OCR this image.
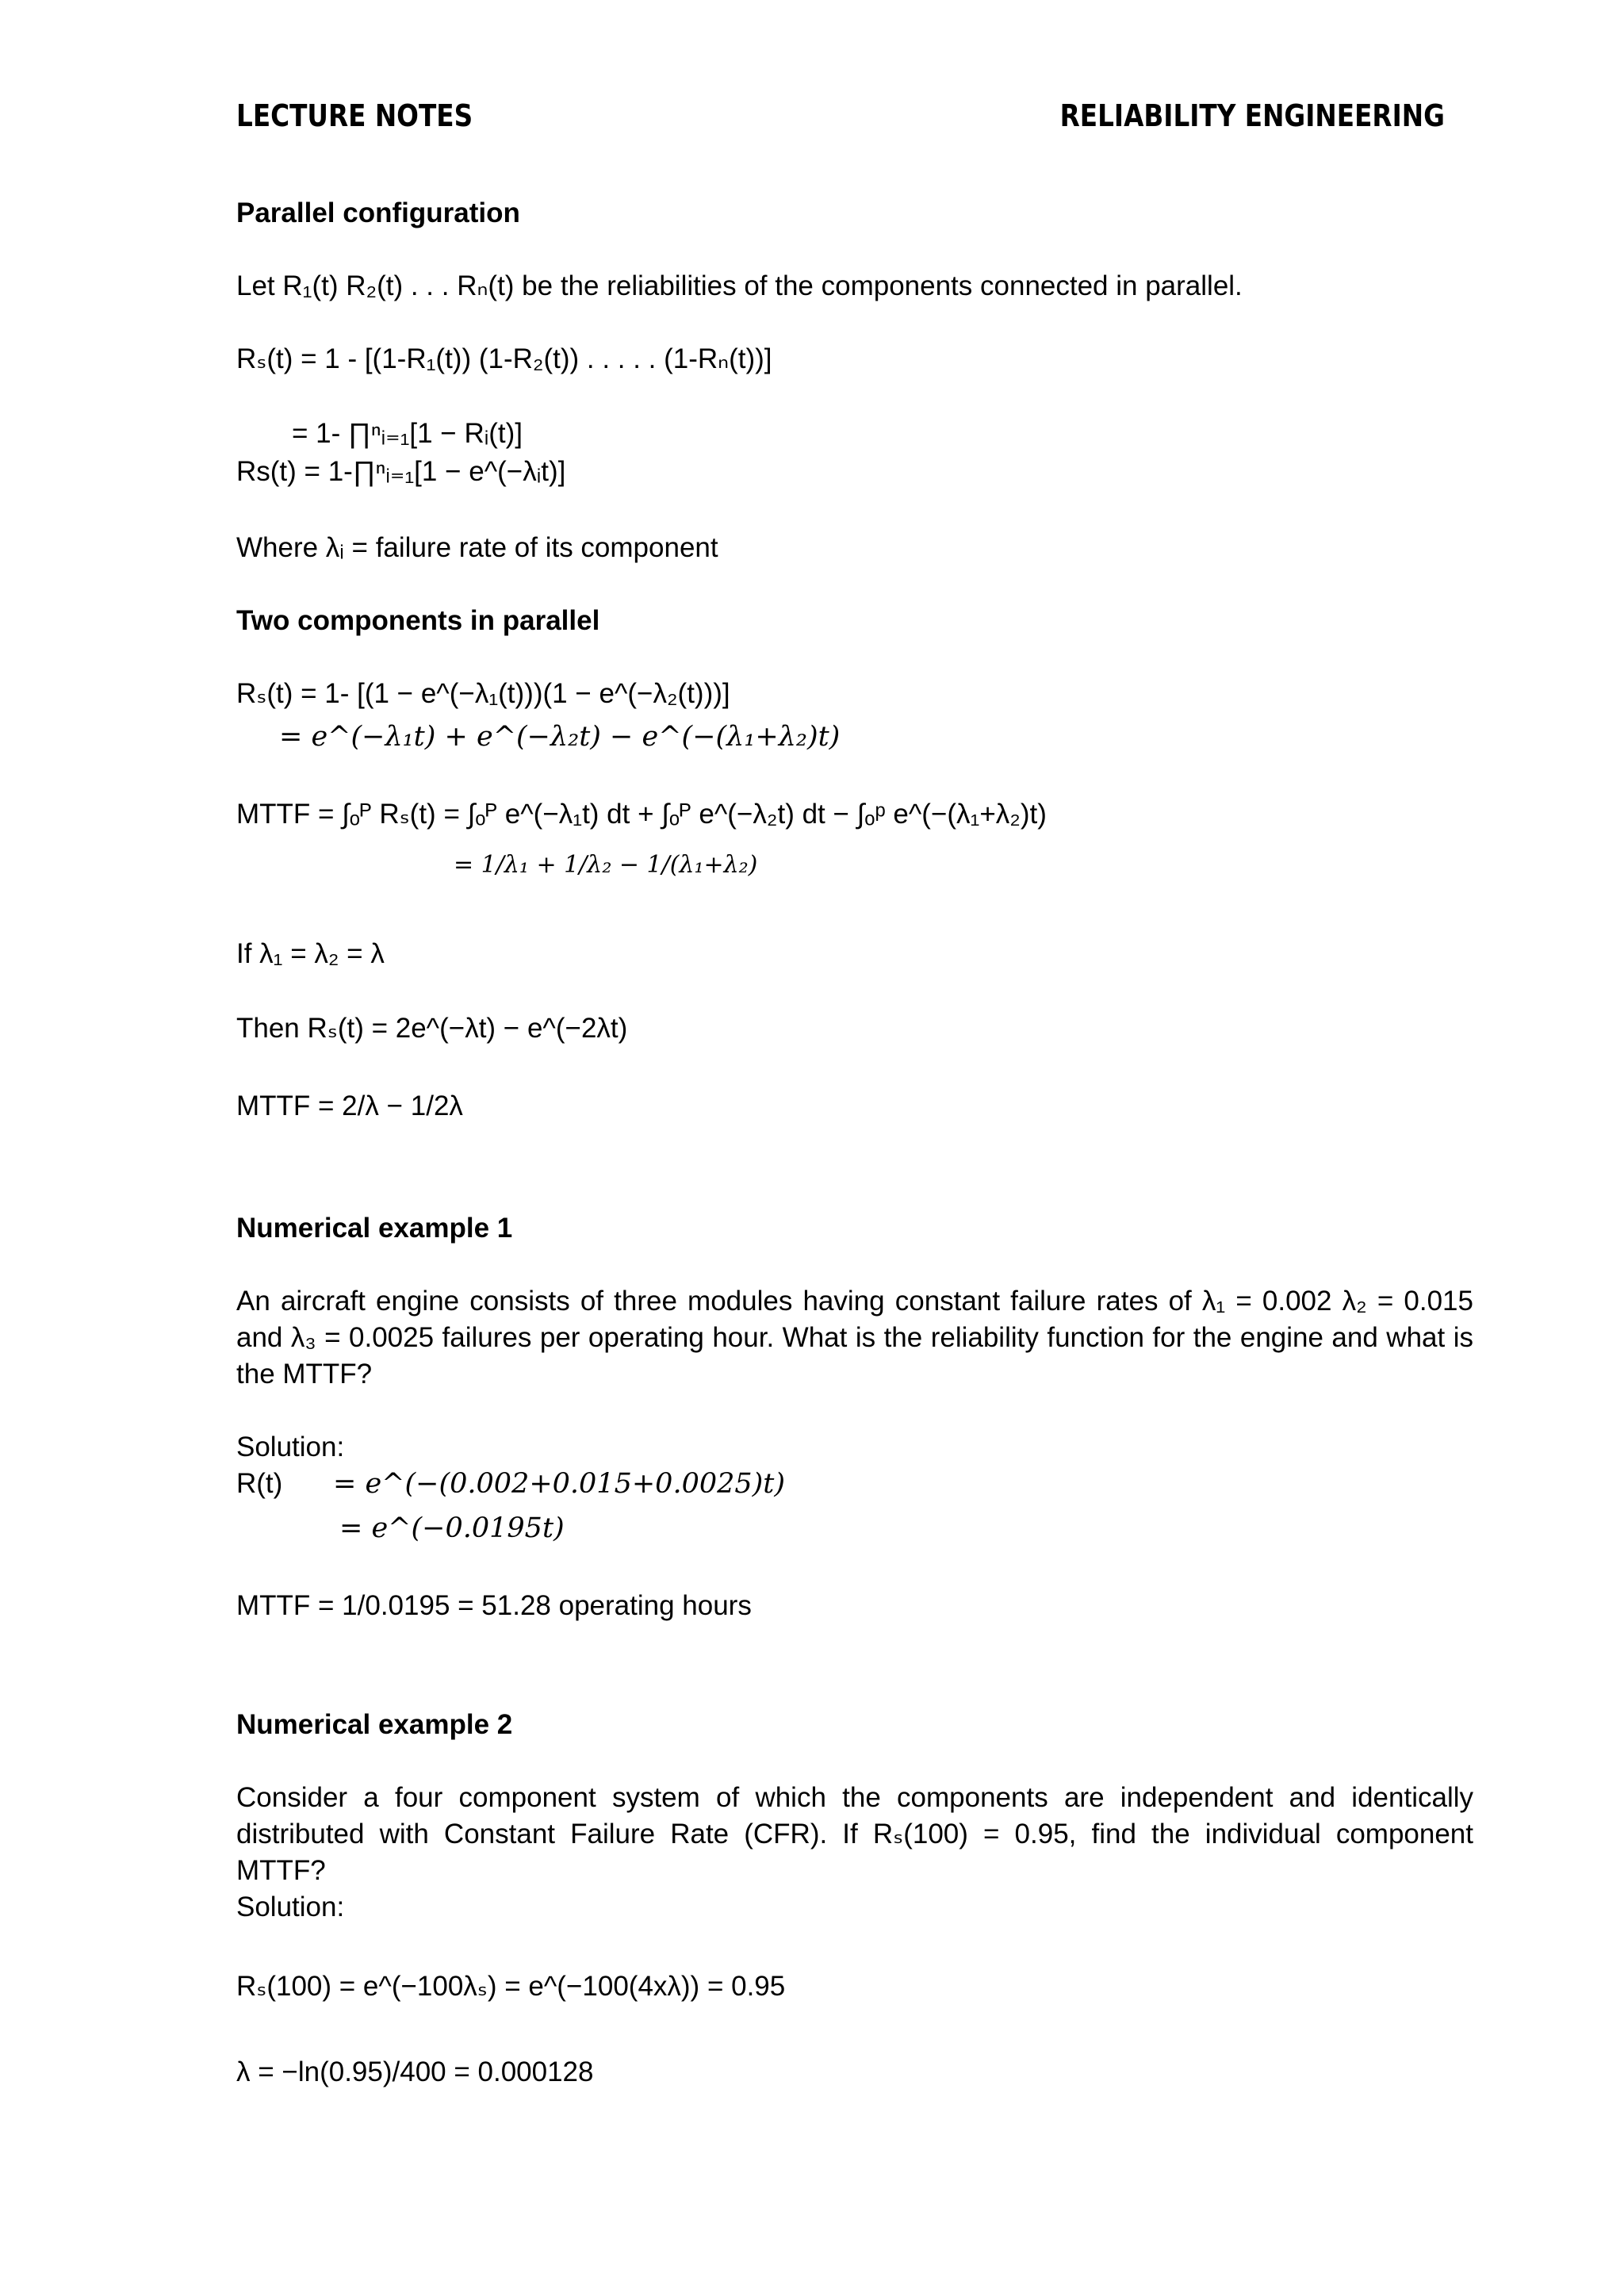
LECTURE NOTES	RELIABILITY ENGINEERING
Parallel configuration
Let R₁(t) R₂(t) . . . Rₙ(t) be the reliabilities of the components connected in parallel.
Rₛ(t) = 1 - [(1-R₁(t)) (1-R₂(t)) . . . . . (1-Rₙ(t))]
= 1- ∏ⁿᵢ₌₁[1 − Rᵢ(t)]
Rs(t) = 1-∏ⁿᵢ₌₁[1 − e^(−λᵢt)]
Where λᵢ = failure rate of its component
Two components in parallel
Rₛ(t) = 1- [(1 − e^(−λ₁(t)))(1 − e^(−λ₂(t)))]
= e^(−λ₁t) + e^(−λ₂t) − e^(−(λ₁+λ₂)t)
MTTF = ∫ₒᴾ Rₛ(t) = ∫ₒᴾ e^(−λ₁t) dt + ∫ₒᴾ e^(−λ₂t) dt − ∫ₒᵖ e^(−(λ₁+λ₂)t)
= 1/λ₁ + 1/λ₂ − 1/(λ₁+λ₂)
If λ₁ = λ₂ = λ
Then Rₛ(t) = 2e^(−λt) − e^(−2λt)
MTTF = 2/λ − 1/2λ
Numerical example 1
An aircraft engine consists of three modules having constant failure rates of λ₁ = 0.002 λ₂ = 0.015 and λ₃ = 0.0025 failures per operating hour. What is the reliability function for the engine and what is the MTTF?
Solution:
R(t) = e^(−(0.002+0.015+0.0025)t)
= e^(−0.0195t)
MTTF = 1/0.0195 = 51.28 operating hours
Numerical example 2
Consider a four component system of which the components are independent and identically distributed with Constant Failure Rate (CFR). If Rₛ(100) = 0.95, find the individual component MTTF?
Solution:
Rₛ(100) = e^(−100λₛ) = e^(−100(4xλ)) = 0.95
λ = −ln(0.95)/400 = 0.000128
